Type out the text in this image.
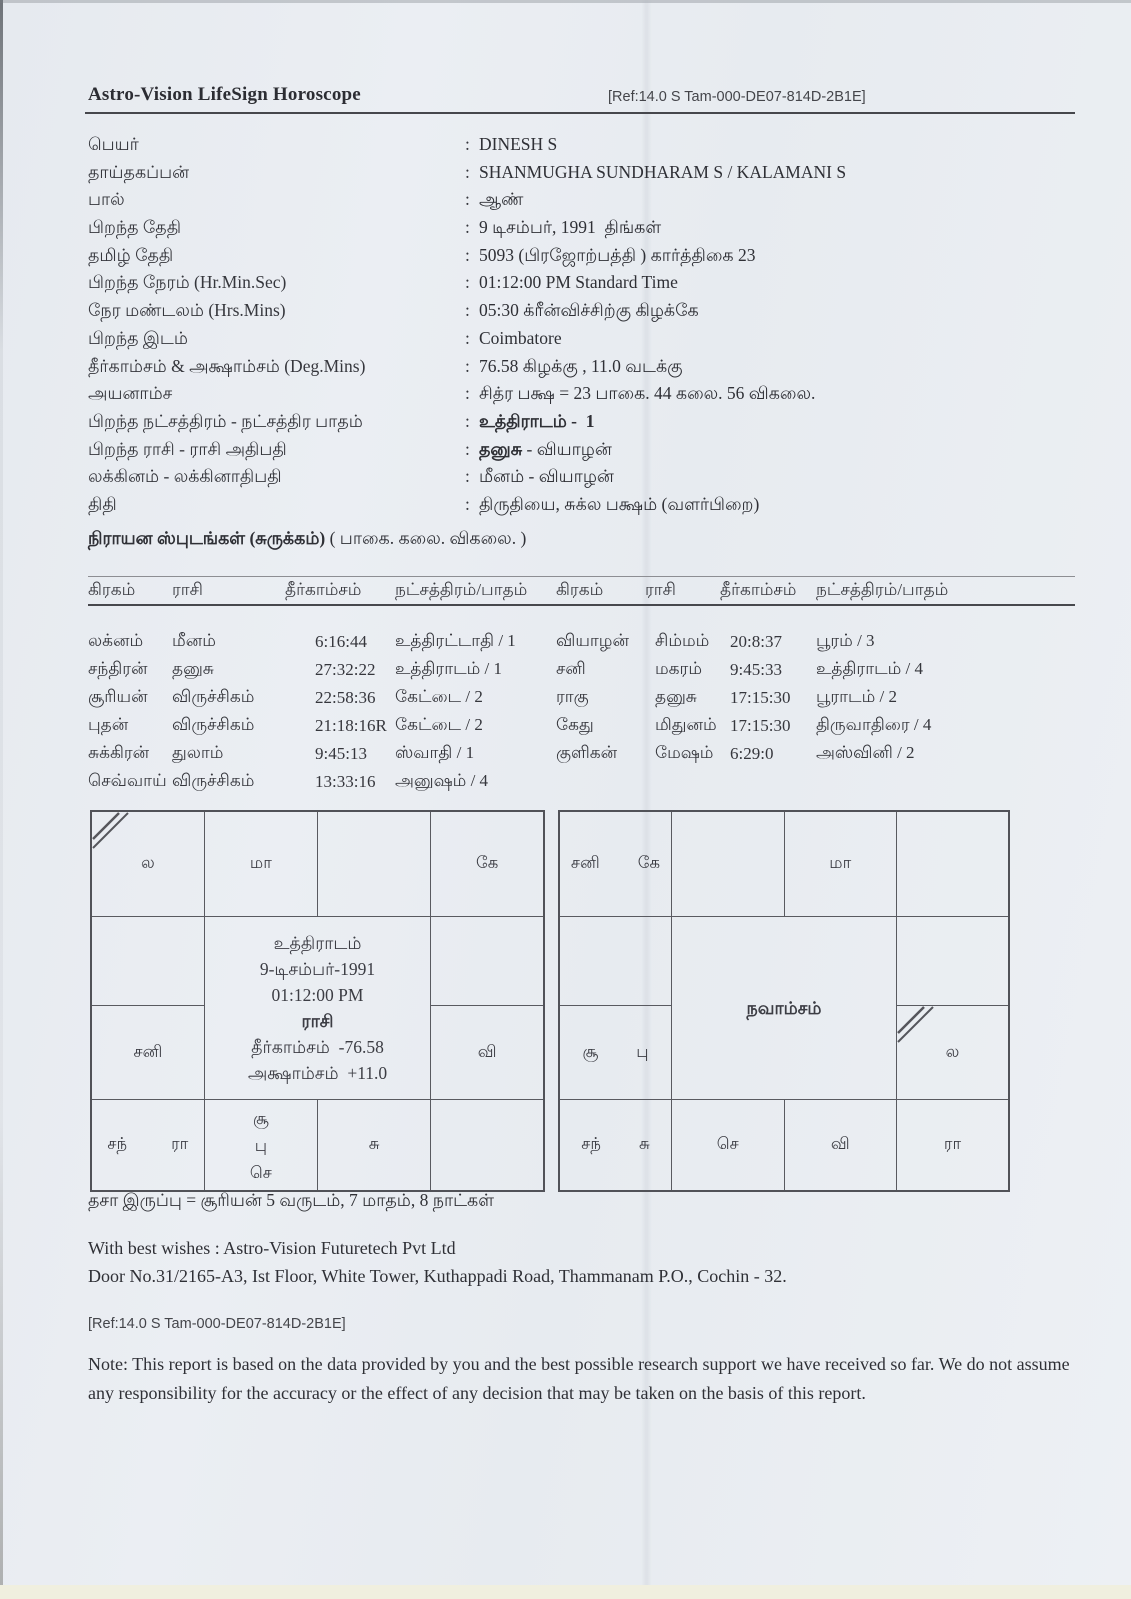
Astro-Vision LifeSign Horoscope	[Ref:14.0 S Tam-000-DE07-814D-2B1E]
பெயர்	: DINESH S
தாய்தகப்பன்	: SHANMUGHA SUNDHARAM S / KALAMANI S
பால்	: ஆண்
பிறந்த தேதி	: 9 டிசம்பர், 1991  திங்கள்
தமிழ் தேதி	: 5093 (பிரஜோற்பத்தி ) கார்த்திகை 23
பிறந்த நேரம் (Hr.Min.Sec)	: 01:12:00 PM Standard Time
நேர மண்டலம் (Hrs.Mins)	: 05:30 க்ரீன்விச்சிற்கு கிழக்கே
பிறந்த இடம்	: Coimbatore
தீர்காம்சம் & அக்ஷாம்சம் (Deg.Mins)	: 76.58 கிழக்கு , 11.0 வடக்கு
அயனாம்ச	: சித்ர பக்ஷ = 23 பாகை. 44 கலை. 56 விகலை.
பிறந்த நட்சத்திரம் - நட்சத்திர பாதம்	: உத்திராடம் -  1
பிறந்த ராசி - ராசி அதிபதி	: தனுசு - வியாழன்
லக்கினம் - லக்கினாதிபதி	: மீனம் - வியாழன்
திதி	: திருதியை, சுக்ல பக்ஷம் (வளர்பிறை)
நிராயன ஸ்புடங்கள் (சுருக்கம்) ( பாகை. கலை. விகலை. )
கிரகம்	ராசி	தீர்காம்சம்	நட்சத்திரம்/பாதம்	கிரகம்	ராசி	தீர்காம்சம்	நட்சத்திரம்/பாதம்
லக்னம்	மீனம்	6:16:44	உத்திரட்டாதி / 1	வியாழன்	சிம்மம்	20:8:37	பூரம் / 3
சந்திரன்	தனுசு	27:32:22	உத்திராடம் / 1	சனி	மகரம்	9:45:33	உத்திராடம் / 4
சூரியன்	விருச்சிகம்	22:58:36	கேட்டை / 2	ராகு	தனுசு	17:15:30	பூராடம் / 2
புதன்	விருச்சிகம்	21:18:16R கேட்டை / 2	கேது	மிதுனம் 17:15:30	திருவாதிரை / 4
சுக்கிரன்	துலாம்	9:45:13	ஸ்வாதி / 1	குளிகன்	மேஷம் 6:29:0	அஸ்வினி / 2
செவ்வாய் விருச்சிகம்	13:33:16	அனுஷம் / 4
ல	மா		கே

உத்திராடம்
9-டிசம்பர்-1991
01:12:00 PM
ராசி
தீர்காம்சம்  -76.58
அக்ஷாம்சம்  +11.0

சனி			வி

சந்	ரா

சூ
பு
செ
	சு	
சனி கே		மா	

	நவாம்சம்		

சூ பு			ல

சந் சு	செ	வி	ரா
தசா இருப்பு = சூரியன் 5 வருடம், 7 மாதம், 8 நாட்கள்
With best wishes : Astro-Vision Futuretech Pvt Ltd
Door No.31/2165-A3, Ist Floor, White Tower, Kuthappadi Road, Thammanam P.O., Cochin - 32.
[Ref:14.0 S Tam-000-DE07-814D-2B1E]
Note: This report is based on the data provided by you and the best possible research support we have received so far. We do not assume any responsibility for the accuracy or the effect of any decision that may be taken on the basis of this report.
